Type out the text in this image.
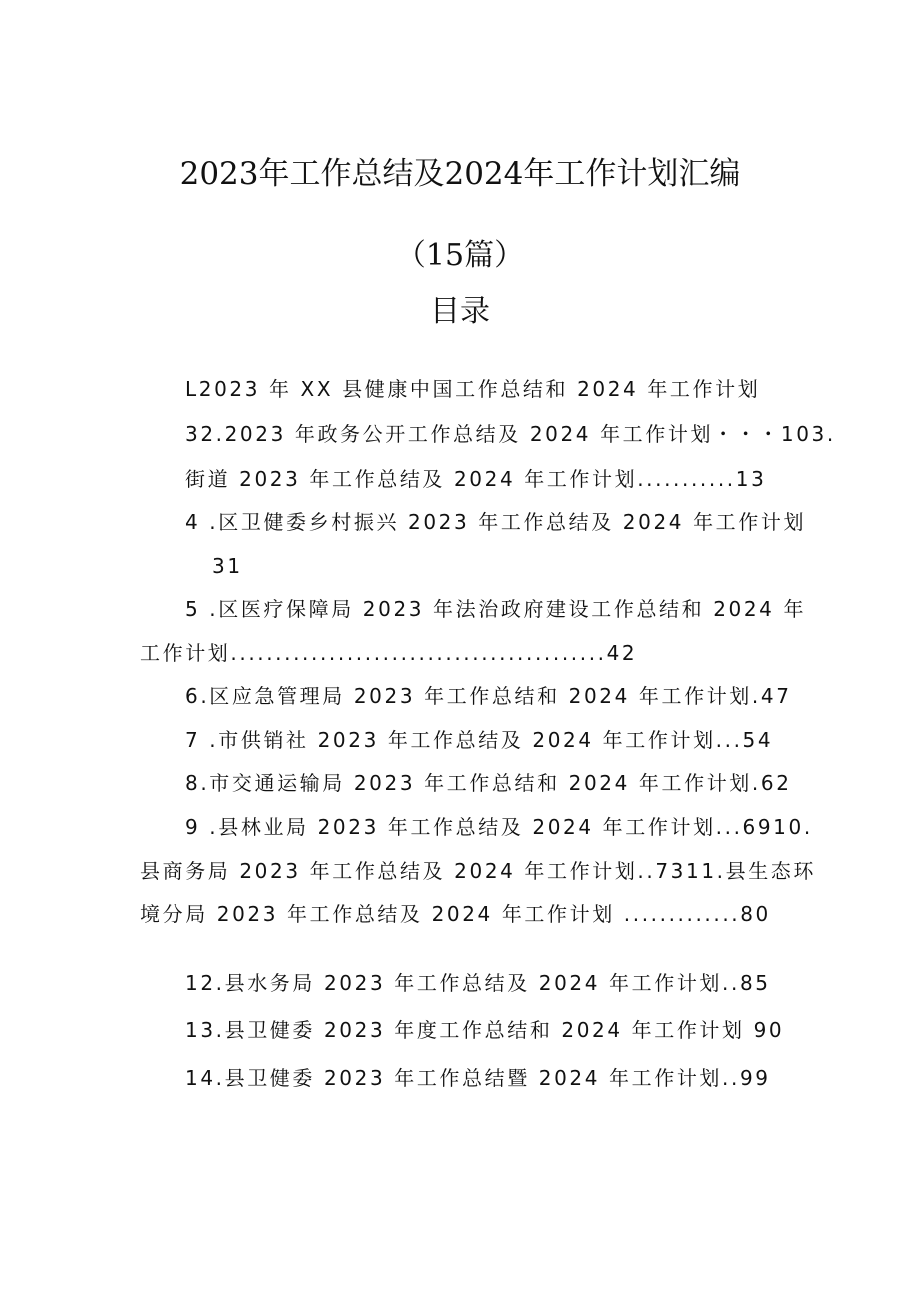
2023年工作总结及2024年工作计划汇编
（15篇）
目录
L2023 年 XX 县健康中国工作总结和 2024 年工作计划
32.2023 年政务公开工作总结及 2024 年工作计划・・・103.
街道 2023 年工作总结及 2024 年工作计划...........13
4 .区卫健委乡村振兴 2023 年工作总结及 2024 年工作计划
31
5 .区医疗保障局 2023 年法治政府建设工作总结和 2024 年
工作计划..........................................42
6.区应急管理局 2023 年工作总结和 2024 年工作计划.47
7 .市供销社 2023 年工作总结及 2024 年工作计划...54
8.市交通运输局 2023 年工作总结和 2024 年工作计划.62
9 .县林业局 2023 年工作总结及 2024 年工作计划...6910.
县商务局 2023 年工作总结及 2024 年工作计划..7311.县生态环
境分局 2023 年工作总结及 2024 年工作计划 .............80
12.县水务局 2023 年工作总结及 2024 年工作计划..85
13.县卫健委 2023 年度工作总结和 2024 年工作计划 90
14.县卫健委 2023 年工作总结暨 2024 年工作计划..99
